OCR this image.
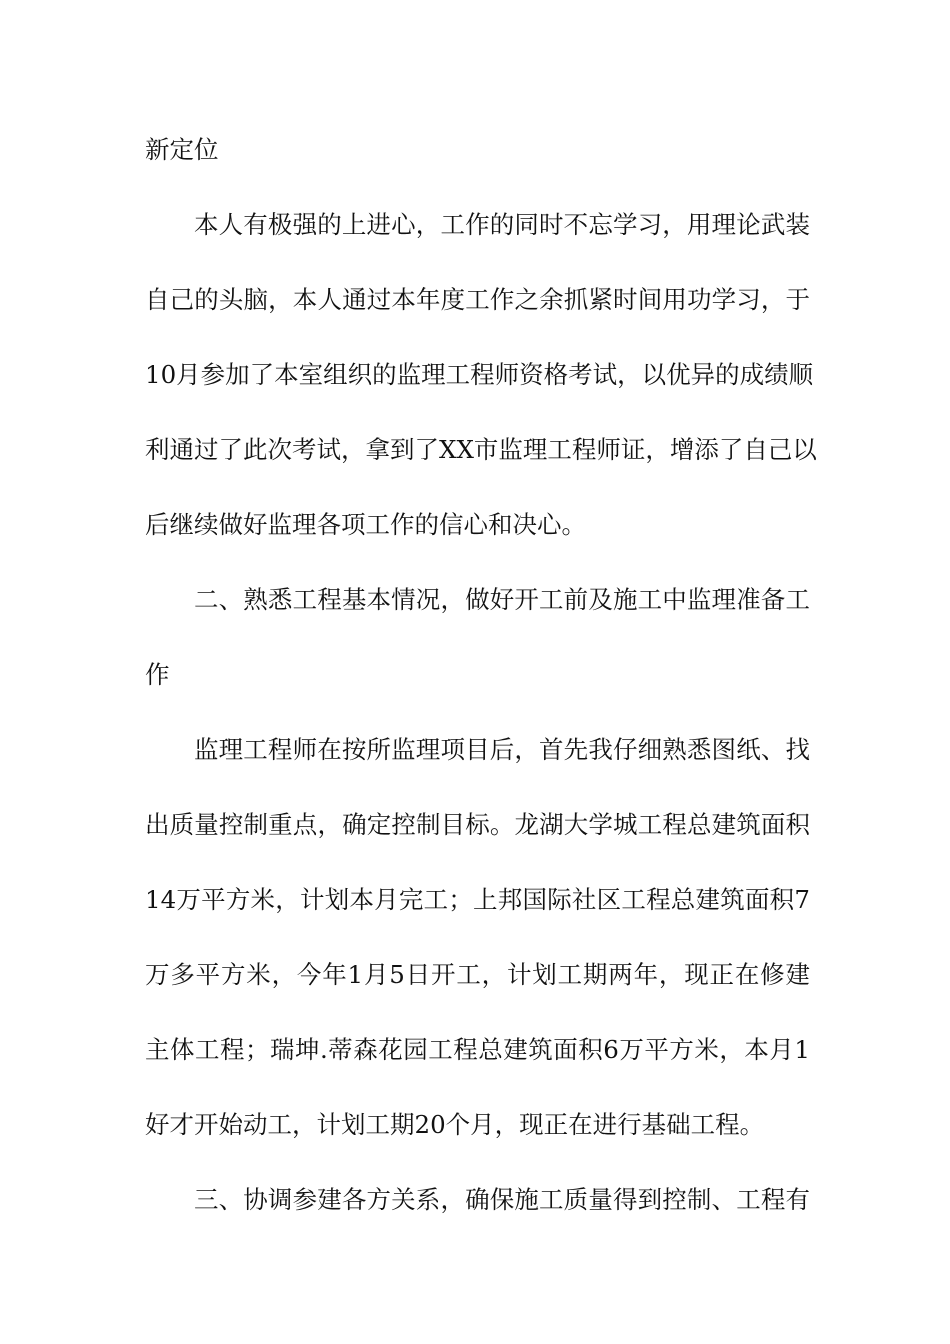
新定位
本人有极强的上进心，工作的同时不忘学习，用理论武装
自己的头脑，本人通过本年度工作之余抓紧时间用功学习，于
10月参加了本室组织的监理工程师资格考试，以优异的成绩顺
利通过了此次考试，拿到了XX市监理工程师证，增添了自己以
后继续做好监理各项工作的信心和决心。
二、熟悉工程基本情况，做好开工前及施工中监理准备工
作
监理工程师在按所监理项目后，首先我仔细熟悉图纸、找
出质量控制重点，确定控制目标。龙湖大学城工程总建筑面积
14万平方米，计划本月完工；上邦国际社区工程总建筑面积7
万多平方米，今年1月5日开工，计划工期两年，现正在修建
主体工程；瑞坤.蒂森花园工程总建筑面积6万平方米，本月1
好才开始动工，计划工期20个月，现正在进行基础工程。
三、协调参建各方关系，确保施工质量得到控制、工程有
